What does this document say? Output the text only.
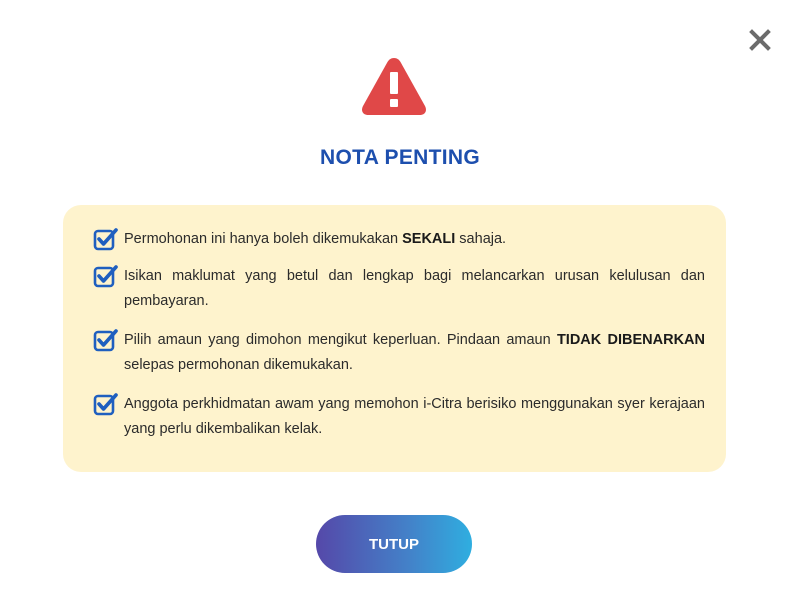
NOTA PENTING
Permohonan ini hanya boleh dikemukakan SEKALI sahaja.
Isikan maklumat yang betul dan lengkap bagi melancarkan urusan kelulusan dan pembayaran.
Pilih amaun yang dimohon mengikut keperluan. Pindaan amaun TIDAK DIBENARKAN selepas permohonan dikemukakan.
Anggota perkhidmatan awam yang memohon i-Citra berisiko menggunakan syer kerajaan yang perlu dikembalikan kelak.
TUTUP
